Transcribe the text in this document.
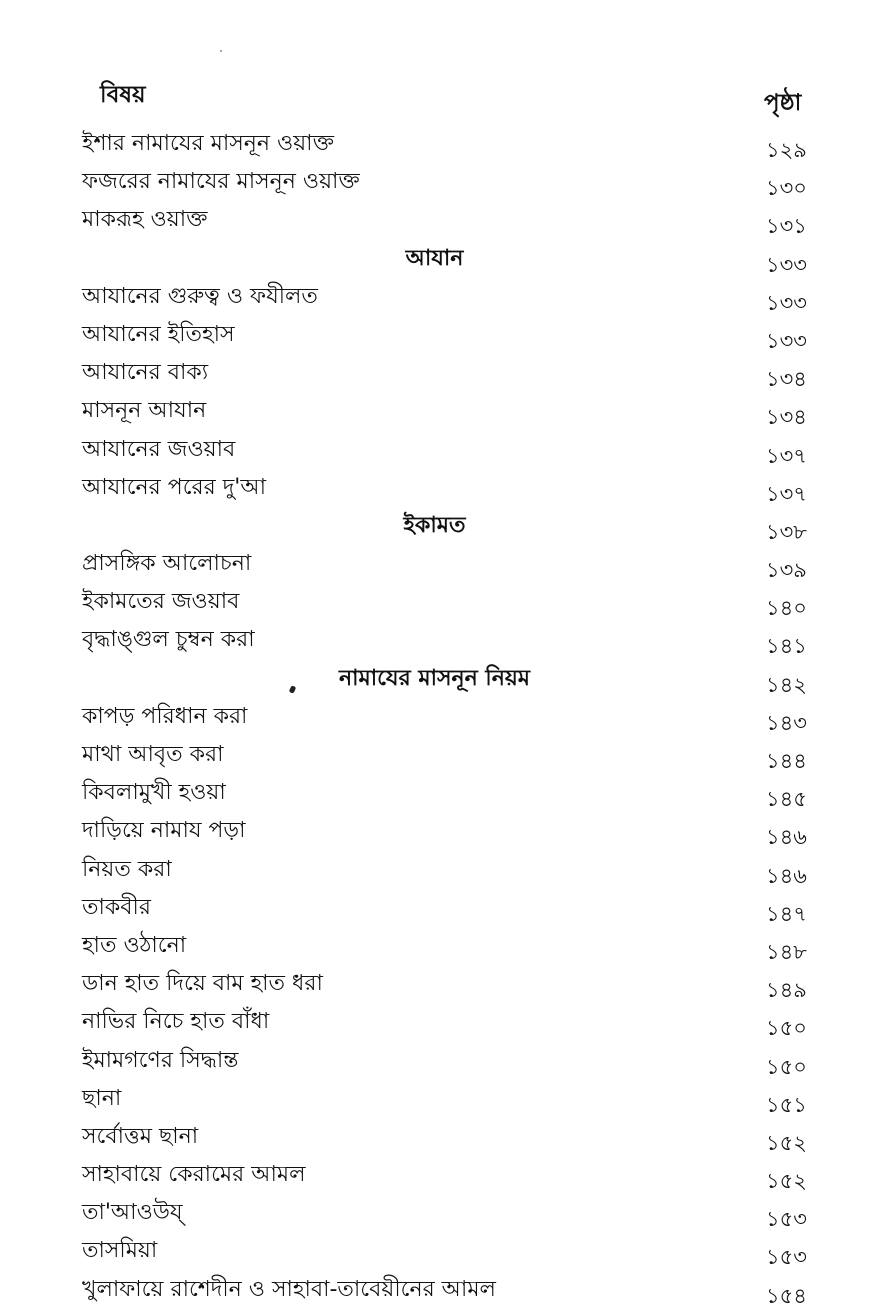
বিষয়	পৃষ্ঠা
ইশার নামাযের মাসনূন ওয়াক্ত	১২৯
ফজরের নামাযের মাসনূন ওয়াক্ত	১৩০
মাকরূহ ওয়াক্ত	১৩১
আযান	১৩৩
আযানের গুরুত্ব ও ফযীলত	১৩৩
আযানের ইতিহাস	১৩৩
আযানের বাক্য	১৩৪
মাসনূন আযান	১৩৪
আযানের জওয়াব	১৩৭
আযানের পরের দু'আ	১৩৭
ইকামত	১৩৮
প্রাসঙ্গিক আলোচনা	১৩৯
ইকামতের জওয়াব	১৪০
বৃদ্ধাঙ্গুল চুম্বন করা	১৪১
নামাযের মাসনূন নিয়ম	১৪২
কাপড় পরিধান করা	১৪৩
মাথা আবৃত করা	১৪৪
কিবলামুখী হওয়া	১৪৫
দাড়িয়ে নামায পড়া	১৪৬
নিয়ত করা	১৪৬
তাকবীর	১৪৭
হাত ওঠানো	১৪৮
ডান হাত দিয়ে বাম হাত ধরা	১৪৯
নাভির নিচে হাত বাঁধা	১৫০
ইমামগণের সিদ্ধান্ত	১৫০
ছানা	১৫১
সর্বোত্তম ছানা	১৫২
সাহাবায়ে কেরামের আমল	১৫২
তা'আওউয্	১৫৩
তাসমিয়া	১৫৩
খুলাফায়ে রাশেদীন ও সাহাবা-তাবেয়ীনের আমল	১৫৪
